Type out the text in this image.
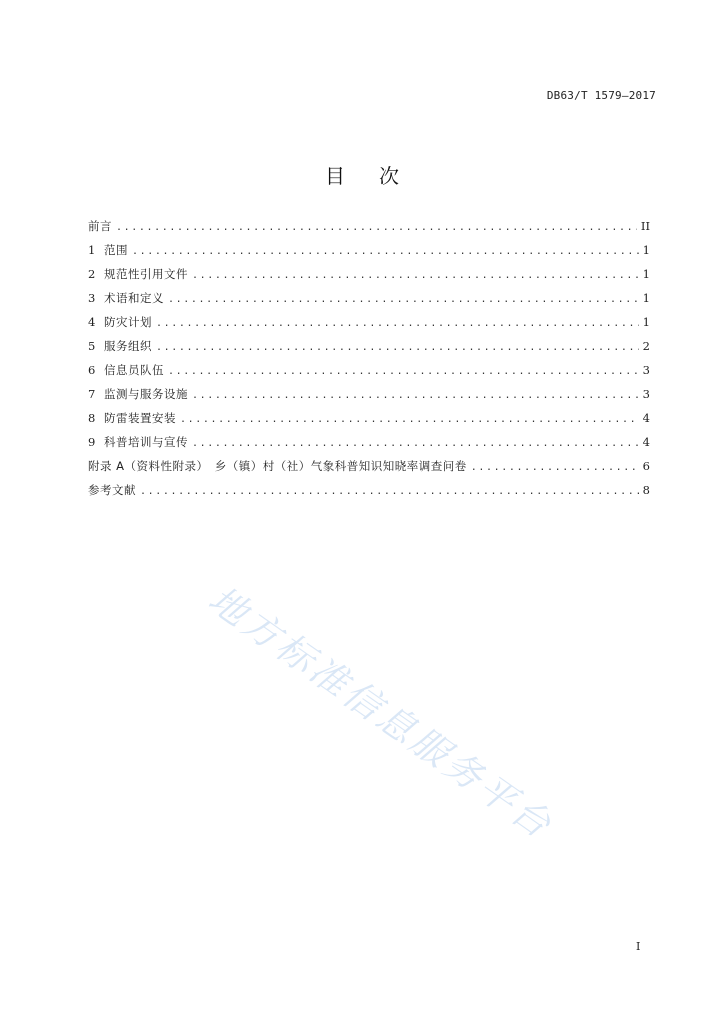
DB63/T 1579—2017
目 次
前言 .....	II
1 范围 .....	1
2 规范性引用文件 .....	1
3 术语和定义 .....	1
4 防灾计划 .....	1
5 服务组织 .....	2
6 信息员队伍 .....	3
7 监测与服务设施 .....	3
8 防雷装置安装 .....	4
9 科普培训与宣传 .....	4
附录 A（资料性附录）　乡（镇）村（社）气象科普知识知晓率调查问卷 .....	6
参考文献 .....	8
地方标准信息服务平台
I
